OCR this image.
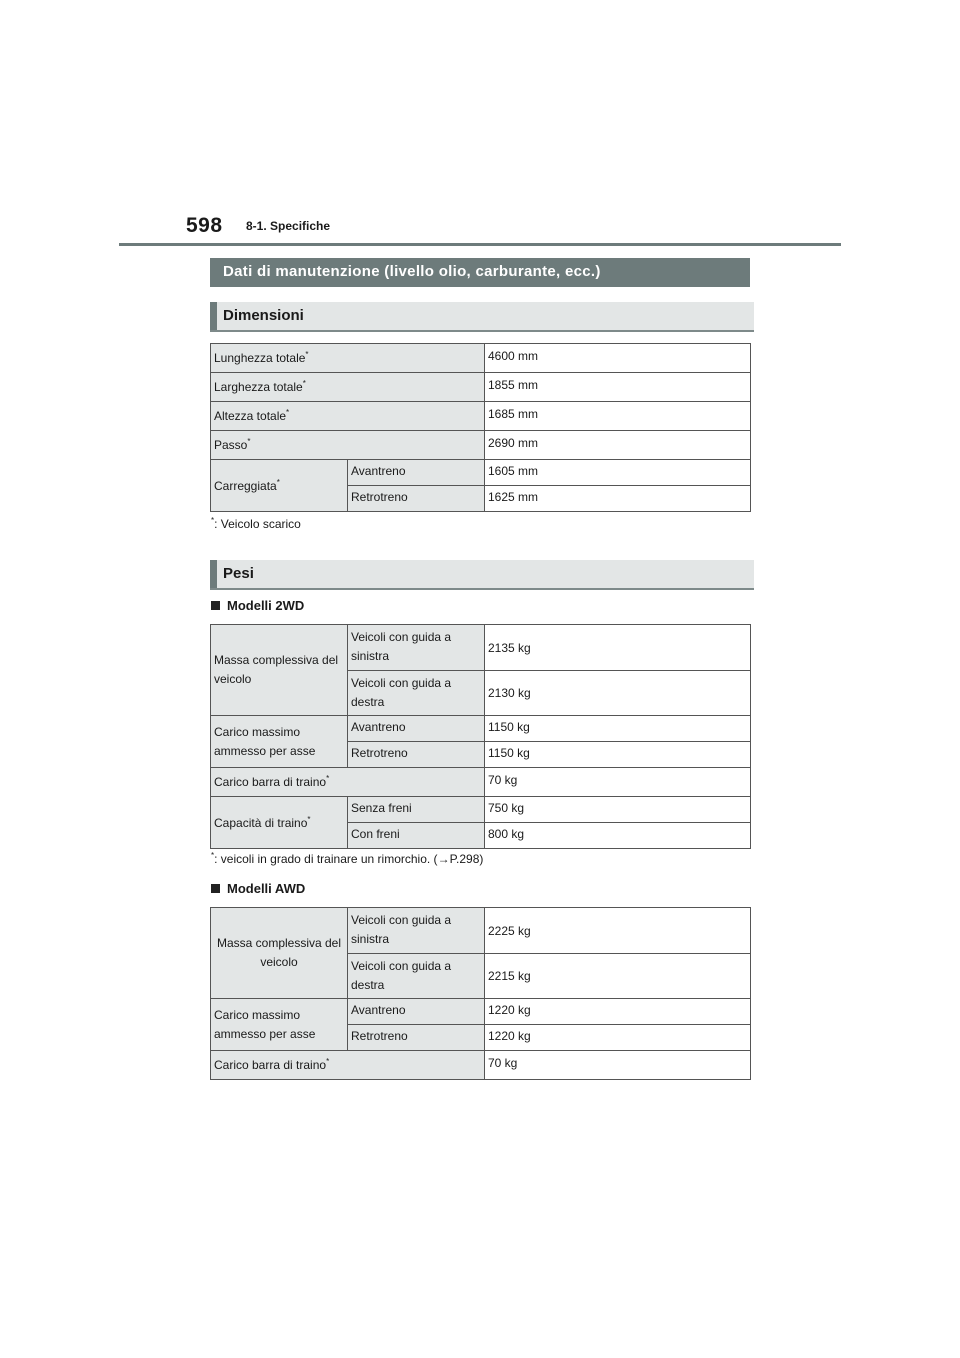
598 8-1. Specifiche
Dati di manutenzione (livello olio, carburante, ecc.)
Dimensioni
Lunghezza totale*		4600 mm
Larghezza totale*		1855 mm
Altezza totale*		1685 mm
Passo*		2690 mm
Carreggiata*	Avantreno	1605 mm
	Retrotreno	1625 mm
*: Veicolo scarico
Pesi
Modelli 2WD
Massa complessiva del veicolo	Veicoli con guida a sinistra	2135 kg
	Veicoli con guida a destra	2130 kg
Carico massimo ammesso per asse	Avantreno	1150 kg
	Retrotreno	1150 kg
Carico barra di traino*		70 kg
Capacità di traino*	Senza freni	750 kg
	Con freni	800 kg
*: veicoli in grado di trainare un rimorchio. (→P.298)
Modelli AWD
Massa complessiva del veicolo	Veicoli con guida a sinistra	2225 kg
	Veicoli con guida a destra	2215 kg
Carico massimo ammesso per asse	Avantreno	1220 kg
	Retrotreno	1220 kg
Carico barra di traino*		70 kg
